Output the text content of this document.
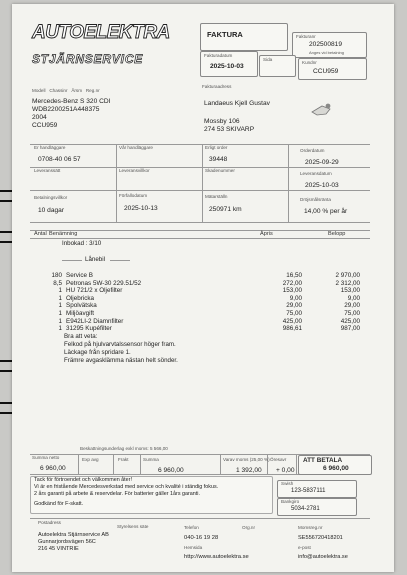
AUTOELEKTRA
STJÄRNSERVICE
FAKTURA	Fakturanr
202500819
Anges vid betalning
Fakturadatum
2025-10-03
Sida
Kundnr
CCU959
Modell   Chassinr   Årsm   Reg.nr
Mercedes-Benz S 320 CDI
WDB2200251A448375
2004
CCU959
Fakturaadress
Landaeus Kjell Gustav
Mossby 106
274 53 SKIVARP
Er handläggare
0708-40 06 57
Vår handläggare	Erligt order
39448
Orderdatum
2025-09-29
Leveranssätt	Leveransvillkor	Skadenummer
Leveransdatum
2025-10-03
Betalningsvillkor
10 dagar
Förfallodatum
2025-10-13
Mätarställn
250971 km
Dröjsmålsränta
14,00 % per år
Antal Benämning	Àpris	Belopp
Inbokad : 3/10
Lånebil
180	Service B	16,50	2 970,00
8,5	Petronas 5W-30 229.51/52	272,00	2 312,00
1	HU 721/2 x Oljefilter	153,00	153,00
1	Oljebricka	9,00	9,00
1	Spolvätska	29,00	29,00
1	Miljöavgift	75,00	75,00
1	E942LI-2 Diamnfilter	425,00	425,00
1	31295 Kupéfilter	986,61	987,00
Bra att veta:
Felkod på hjulvarvtalssensor höger fram.
Läckage från spridare 1.
Främre avgasklämma nästan helt sönder.
Beskattningsunderlag exkl moms: 5 566,00
Summa netto
6 960,00
Exp avg	Frakt	Summa
6 960,00
Varav moms (25,00 %)
1 392,00
Öresavr
+ 0,00
ATT BETALA
6 960,00
Tack för förtroendet och välkommen åter!
Vi är en fristående Mercedesverkstad med service och kvalité i ständig fokus.
2 års garanti på arbete & reservdelar. För batterier gäller 1års garanti.
Godkänd för F-skatt.
Swish
123-5837111
Bankgiro
5034-2781
Postadress
Autoelektra Stjärnservice AB
Gunnarjordsvägen 56C
216 45 VINTRIE
Styrelsens säte	Telefon
040-16 19 28
Hemsida
http://www.autoelektra.se
Org.nr	Momsreg.nr
SE556720418201
e-post
info@autoelektra.se
